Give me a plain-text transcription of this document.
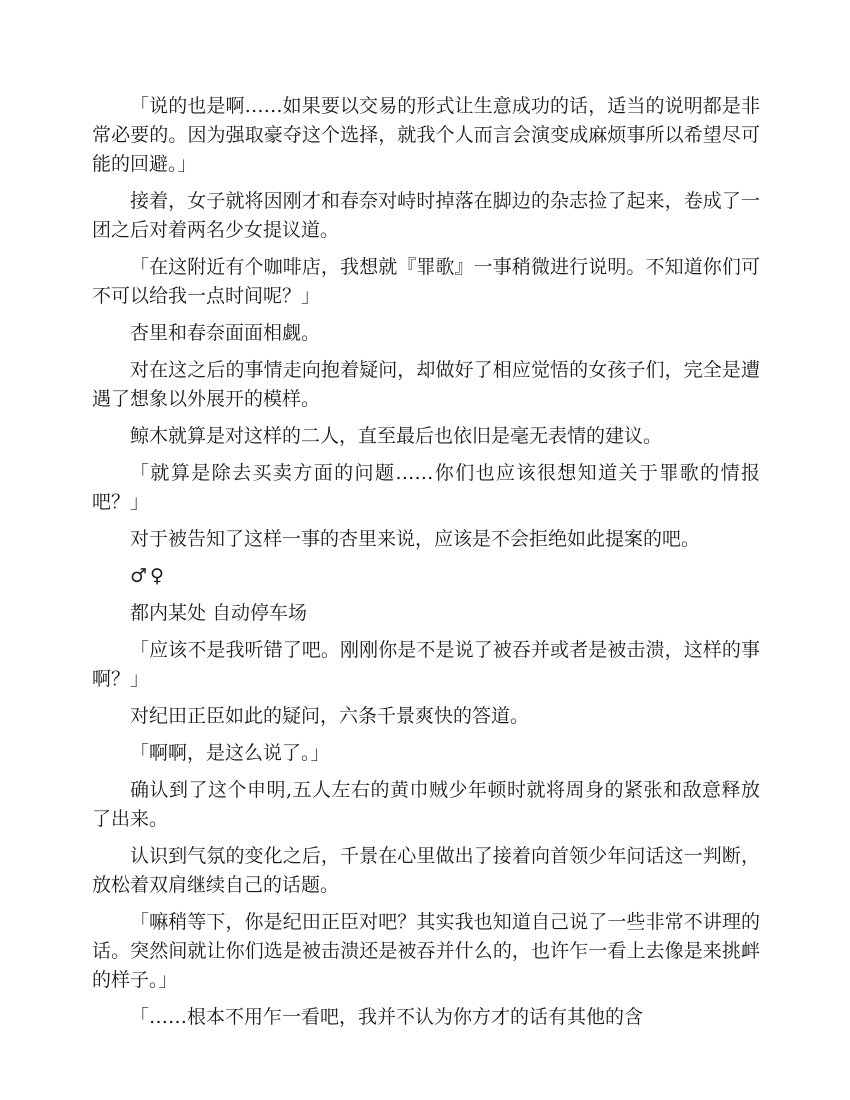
「说的也是啊……如果要以交易的形式让生意成功的话，适当的说明都是非常必要的。因为强取豪夺这个选择，就我个人而言会演变成麻烦事所以希望尽可能的回避。」

接着，女子就将因刚才和春奈对峙时掉落在脚边的杂志捡了起来，卷成了一团之后对着两名少女提议道。

「在这附近有个咖啡店，我想就『罪歌』一事稍微进行说明。不知道你们可不可以给我一点时间呢？」

杏里和春奈面面相觑。

对在这之后的事情走向抱着疑问，却做好了相应觉悟的女孩子们，完全是遭遇了想象以外展开的模样。

鲸木就算是对这样的二人，直至最后也依旧是毫无表情的建议。

「就算是除去买卖方面的问题……你们也应该很想知道关于罪歌的情报吧？」

对于被告知了这样一事的杏里来说，应该是不会拒绝如此提案的吧。

♂♀

都内某处 自动停车场

「应该不是我听错了吧。刚刚你是不是说了被吞并或者是被击溃，这样的事啊？」

对纪田正臣如此的疑问，六条千景爽快的答道。

「啊啊，是这么说了。」

确认到了这个申明,五人左右的黄巾贼少年顿时就将周身的紧张和敌意释放了出来。

认识到气氛的变化之后，千景在心里做出了接着向首领少年问话这一判断，放松着双肩继续自己的话题。

「嘛稍等下，你是纪田正臣对吧？其实我也知道自己说了一些非常不讲理的话。突然间就让你们选是被击溃还是被吞并什么的，也许乍一看上去像是来挑衅的样子。」

「……根本不用乍一看吧，我并不认为你方才的话有其他的含
